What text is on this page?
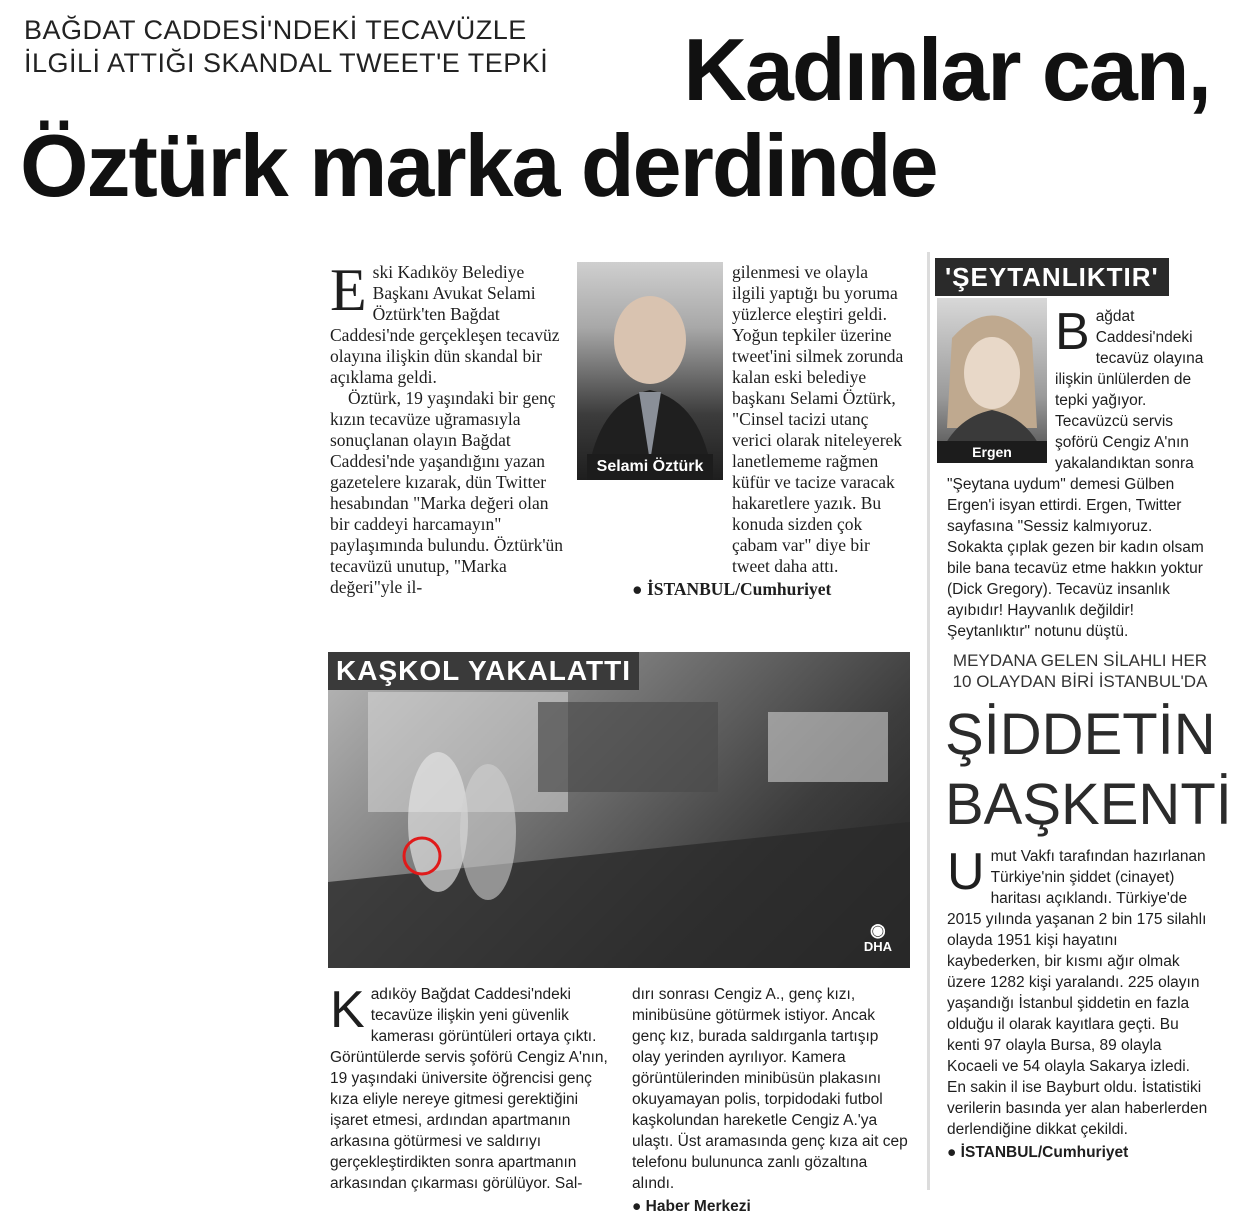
BAĞDAT CADDESİ'NDEKİ TECAVÜZLE
İLGİLİ ATTIĞI SKANDAL TWEET'E TEPKİ	Kadınlar can,
Öztürk marka derdinde

Eski Kadıköy Belediye Başkanı Avukat Selami Öztürk'ten Bağdat Caddesi'nde gerçekleşen tecavüz olayına ilişkin dün skandal bir açıklama geldi.

Öztürk, 19 yaşındaki bir genç kızın tecavüze uğramasıyla sonuçlanan olayın Bağdat Caddesi'nde yaşandığını yazan gazetelere kızarak, dün Twitter hesabından "Marka değeri olan bir caddeyi harcamayın" paylaşımında bulundu. Öztürk'ün tecavüzü unutup, "Marka değeri"yle il-

Selami Öztürk

gilenmesi ve olayla ilgili yaptığı bu yoruma yüzlerce eleştiri geldi.

Yoğun tepkiler üzerine tweet'ini silmek zorunda kalan eski belediye başkanı Selami Öztürk, "Cinsel tacizi utanç verici olarak niteleyerek lanetlememe rağmen küfür ve tacize varacak hakaretlere yazık. Bu konuda sizden çok çabam var" diye bir tweet daha attı.

● İSTANBUL/Cumhuriyet
KAŞKOL YAKALATTI
◉
DHA

Kadıköy Bağdat Caddesi'ndeki tecavüze ilişkin yeni güvenlik kamerası görüntüleri ortaya çıktı. Görüntülerde servis şoförü Cengiz A'nın, 19 yaşındaki üniversite öğrencisi genç kıza eliyle nereye gitmesi gerektiğini işaret etmesi, ardından apartmanın arkasına götürmesi ve saldırıyı gerçekleştirdikten sonra apartmanın arkasından çıkarması görülüyor. Sal-

dırı sonrası Cengiz A., genç kızı, minibüsüne götürmek istiyor. Ancak genç kız, burada saldırganla tartışıp olay yerinden ayrılıyor. Kamera görüntülerinden minibüsün plakasını okuyamayan polis, torpidodaki futbol kaşkolundan hareketle Cengiz A.'ya ulaştı. Üst aramasında genç kıza ait cep telefonu bulununca zanlı gözaltına alındı.

● Haber Merkezi
'ŞEYTANLIKTIR'
Ergen
Bağdat Caddesi'ndeki tecavüz olayına ilişkin ünlülerden de tepki yağıyor. Tecavüzcü servis şoförü Cengiz A'nın yakalandıktan sonra "Şeytana uydum" demesi Gülben Ergen'i isyan ettirdi. Ergen, Twitter sayfasına "Sessiz kalmıyoruz. Sokakta çıplak gezen bir kadın olsam bile bana tecavüz etme hakkın yoktur (Dick Gregory). Tecavüz insanlık ayıbıdır! Hayvanlık değildir! Şeytanlıktır" notunu düştü.
MEYDANA GELEN SİLAHLI HER
10 OLAYDAN BİRİ İSTANBUL'DA
ŞİDDETİN
BAŞKENTİ

Umut Vakfı tarafından hazırlanan Türkiye'nin şiddet (cinayet) haritası açıklandı. Türkiye'de 2015 yılında yaşanan 2 bin 175 silahlı olayda 1951 kişi hayatını kaybederken, bir kısmı ağır olmak üzere 1282 kişi yaralandı. 225 olayın yaşandığı İstanbul şiddetin en fazla olduğu il olarak kayıtlara geçti. Bu kenti 97 olayla Bursa, 89 olayla Kocaeli ve 54 olayla Sakarya izledi. En sakin il ise Bayburt oldu. İstatistiki verilerin basında yer alan haberlerden derlendiğine dikkat çekildi.

● İSTANBUL/Cumhuriyet
